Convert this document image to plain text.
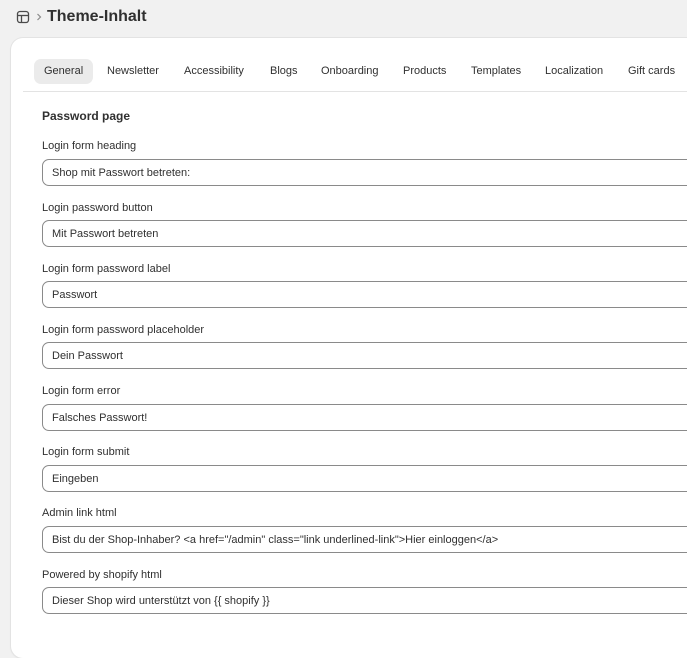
Theme-Inhalt
General	Newsletter	Accessibility	Blogs	Onboarding	Products	Templates	Localization	Gift cards
Password page
Login form heading
Shop mit Passwort betreten:
Login password button
Mit Passwort betreten
Login form password label
Passwort
Login form password placeholder
Dein Passwort
Login form error
Falsches Passwort!
Login form submit
Eingeben
Admin link html
Bist du der Shop-Inhaber? <a href="/admin" class="link underlined-link">Hier einloggen</a>
Powered by shopify html
Dieser Shop wird unterstützt von {{ shopify }}
